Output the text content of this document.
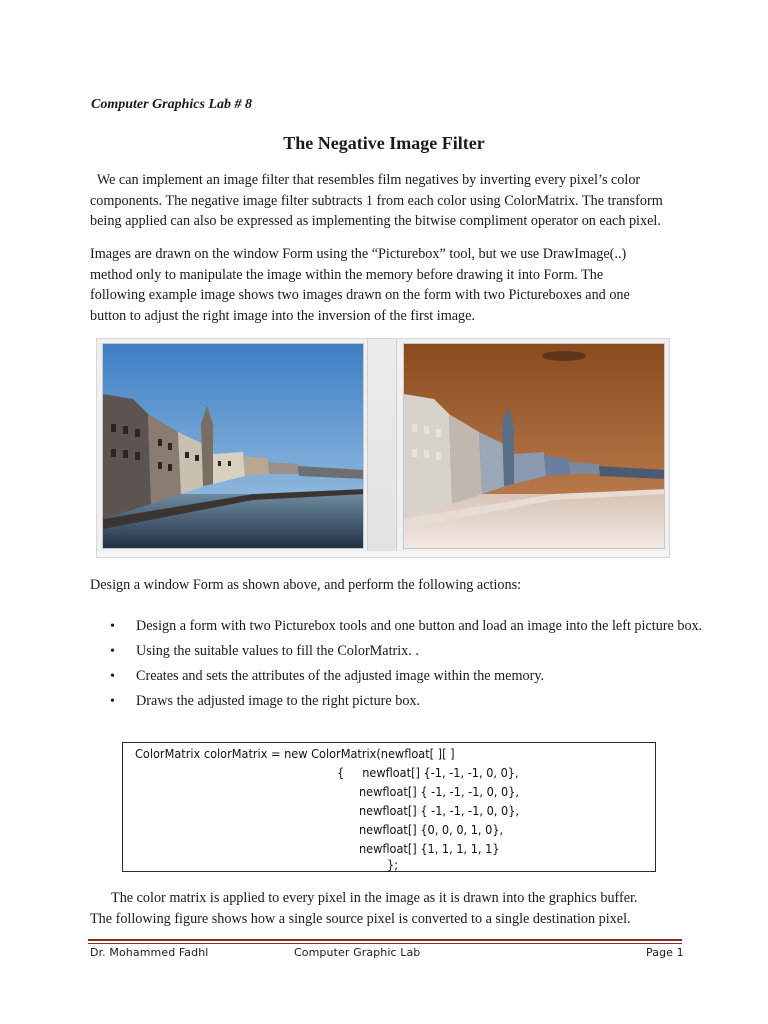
Computer Graphics Lab # 8
The Negative Image Filter
We can implement an image filter that resembles film negatives by inverting every pixel’s color
components. The negative image filter subtracts 1 from each color using ColorMatrix. The transform
being applied can also be expressed as implementing the bitwise compliment operator on each pixel.
Images are drawn on the window Form using the “Picturebox” tool, but we use DrawImage(..)
method only to manipulate the image within the memory before drawing it into Form. The
following example image shows two images drawn on the form with two Pictureboxes and one
button to adjust the right image into the inversion of the first image.
Design a window Form as shown above, and perform the following actions:
• Design a form with two Picturebox tools and one button and load an image into the left picture box.
• Using the suitable values to fill the ColorMatrix. .
• Creates and sets the attributes of the adjusted image within the memory.
• Draws the adjusted image to the right picture box.
ColorMatrix colorMatrix = new ColorMatrix(newfloat[ ][ ]
{     newfloat[] {-1, -1, -1, 0, 0},
newfloat[] { -1, -1, -1, 0, 0},
newfloat[] { -1, -1, -1, 0, 0},
newfloat[] {0, 0, 0, 1, 0},
newfloat[] {1, 1, 1, 1, 1}
};
The color matrix is applied to every pixel in the image as it is drawn into the graphics buffer.
The following figure shows how a single source pixel is converted to a single destination pixel.
Dr. Mohammed Fadhl	Computer Graphic Lab	Page 1
